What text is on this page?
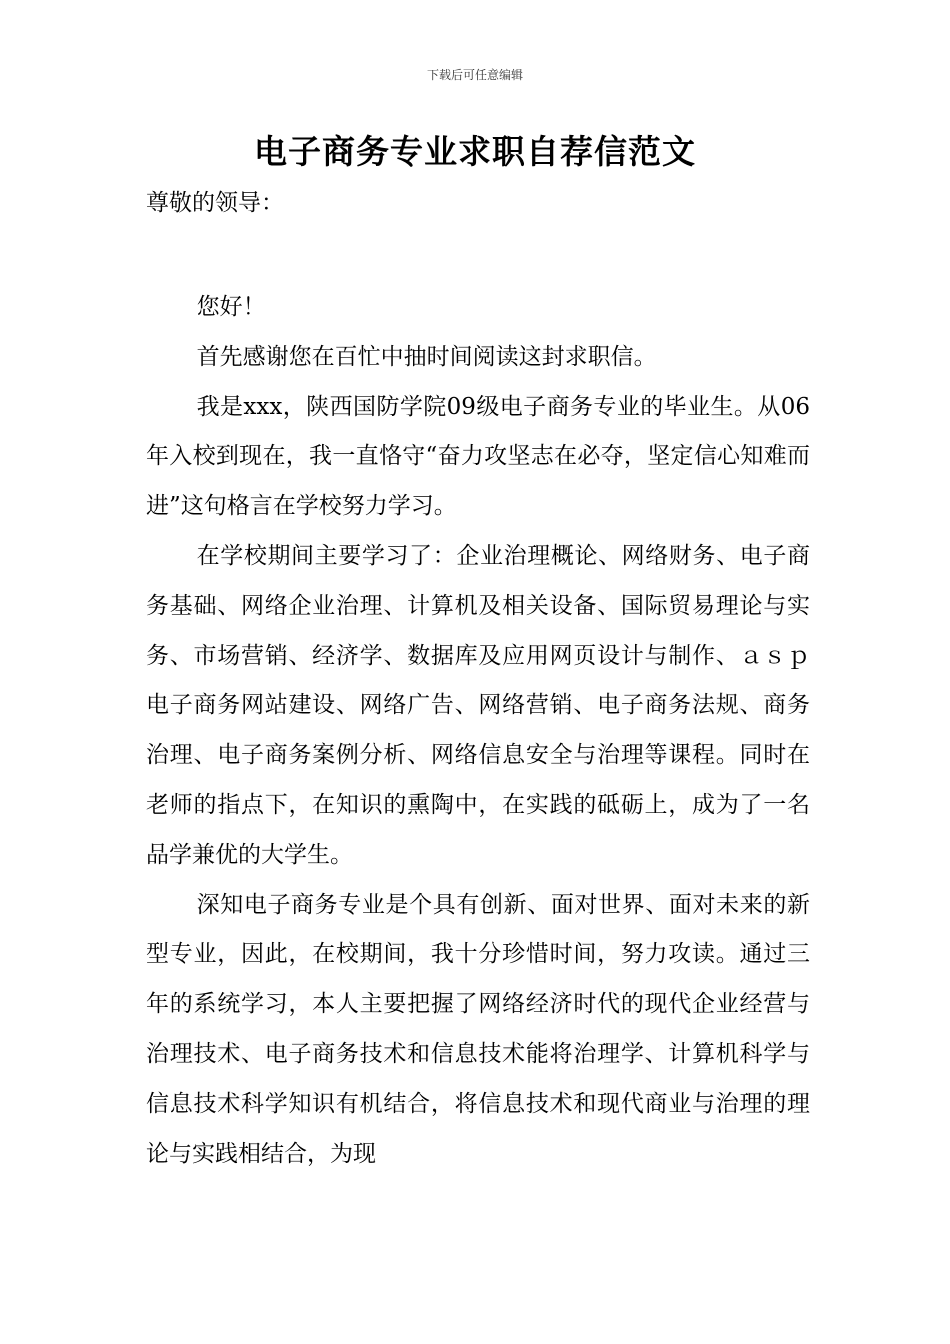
下载后可任意编辑
电子商务专业求职自荐信范文

尊敬的领导：

您好！

首先感谢您在百忙中抽时间阅读这封求职信。

我是xxx，陕西国防学院09级电子商务专业的毕业生。从06年入校到现在，我一直恪守“奋力攻坚志在必夺，坚定信心知难而进”这句格言在学校努力学习。

在学校期间主要学习了：企业治理概论、网络财务、电子商务基础、网络企业治理、计算机及相关设备、国际贸易理论与实务、市场营销、经济学、数据库及应用网页设计与制作、ａｓｐ电子商务网站建设、网络广告、网络营销、电子商务法规、商务治理、电子商务案例分析、网络信息安全与治理等课程。同时在老师的指点下，在知识的熏陶中，在实践的砥砺上，成为了一名品学兼优的大学生。

深知电子商务专业是个具有创新、面对世界、面对未来的新型专业，因此，在校期间，我十分珍惜时间，努力攻读。通过三年的系统学习，本人主要把握了网络经济时代的现代企业经营与治理技术、电子商务技术和信息技术能将治理学、计算机科学与信息技术科学知识有机结合，将信息技术和现代商业与治理的理论与实践相结合，为现
